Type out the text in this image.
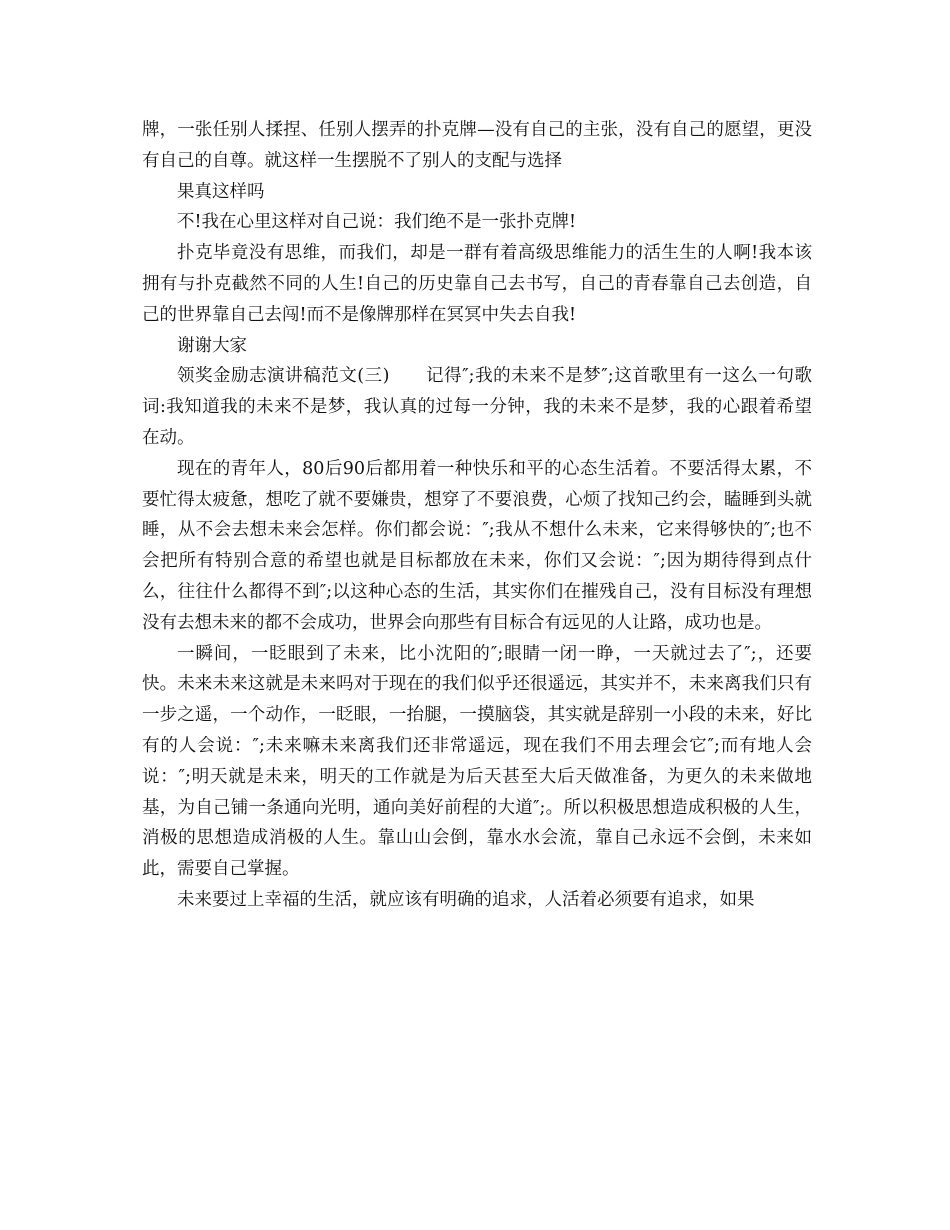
牌，一张任别人揉捏、任别人摆弄的扑克牌—没有自己的主张，没有自己的愿望，更没有自己的自尊。就这样一生摆脱不了别人的支配与选择

果真这样吗

不!我在心里这样对自己说：我们绝不是一张扑克牌!

扑克毕竟没有思维，而我们，却是一群有着高级思维能力的活生生的人啊!我本该拥有与扑克截然不同的人生!自己的历史靠自己去书写，自己的青春靠自己去创造，自己的世界靠自己去闯!而不是像牌那样在冥冥中失去自我!

谢谢大家

领奖金励志演讲稿范文(三)　　记得″;我的未来不是梦″;这首歌里有一这么一句歌词:我知道我的未来不是梦，我认真的过每一分钟，我的未来不是梦，我的心跟着希望在动。

现在的青年人，80后90后都用着一种快乐和平的心态生活着。不要活得太累，不要忙得太疲惫，想吃了就不要嫌贵，想穿了不要浪费，心烦了找知己约会，瞌睡到头就睡，从不会去想未来会怎样。你们都会说：″;我从不想什么未来，它来得够快的″;也不会把所有特别合意的希望也就是目标都放在未来，你们又会说：″;因为期待得到点什么，往往什么都得不到″;以这种心态的生活，其实你们在摧残自己，没有目标没有理想没有去想未来的都不会成功，世界会向那些有目标合有远见的人让路，成功也是。

一瞬间，一眨眼到了未来，比小沈阳的″;眼睛一闭一睁，一天就过去了″;，还要快。未来未来这就是未来吗对于现在的我们似乎还很遥远，其实并不，未来离我们只有一步之遥，一个动作，一眨眼，一抬腿，一摸脑袋，其实就是辞别一小段的未来，好比有的人会说：″;未来嘛未来离我们还非常遥远，现在我们不用去理会它″;而有地人会说：″;明天就是未来，明天的工作就是为后天甚至大后天做准备，为更久的未来做地基，为自己铺一条通向光明，通向美好前程的大道″;。所以积极思想造成积极的人生，消极的思想造成消极的人生。靠山山会倒，靠水水会流，靠自己永远不会倒，未来如此，需要自己掌握。

未来要过上幸福的生活，就应该有明确的追求，人活着必须要有追求，如果
